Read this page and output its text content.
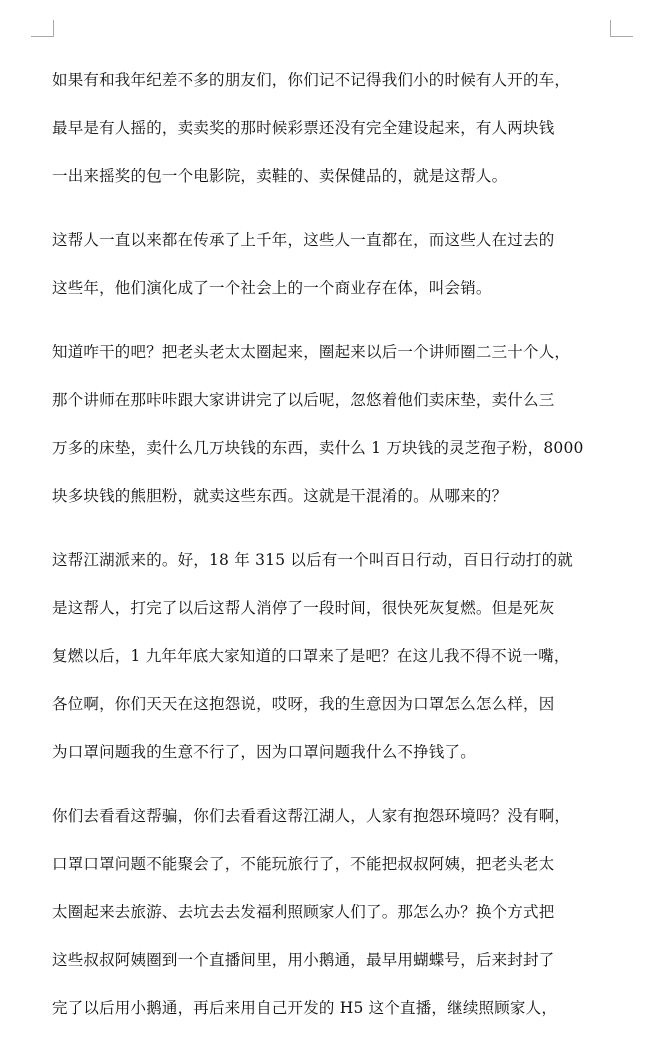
如果有和我年纪差不多的朋友们，你们记不记得我们小的时候有人开的车，
最早是有人摇的，卖卖奖的那时候彩票还没有完全建设起来，有人两块钱
一出来摇奖的包一个电影院，卖鞋的、卖保健品的，就是这帮人。
这帮人一直以来都在传承了上千年，这些人一直都在，而这些人在过去的
这些年，他们演化成了一个社会上的一个商业存在体，叫会销。
知道咋干的吧？把老头老太太圈起来，圈起来以后一个讲师圈二三十个人，
那个讲师在那咔咔跟大家讲讲完了以后呢，忽悠着他们卖床垫，卖什么三
万多的床垫，卖什么几万块钱的东西，卖什么 1 万块钱的灵芝孢子粉，8000
块多块钱的熊胆粉，就卖这些东西。这就是干混淆的。从哪来的？
这帮江湖派来的。好，18 年 315 以后有一个叫百日行动，百日行动打的就
是这帮人，打完了以后这帮人消停了一段时间，很快死灰复燃。但是死灰
复燃以后，1 九年年底大家知道的口罩来了是吧？在这儿我不得不说一嘴，
各位啊，你们天天在这抱怨说，哎呀，我的生意因为口罩怎么怎么样，因
为口罩问题我的生意不行了，因为口罩问题我什么不挣钱了。
你们去看看这帮骗，你们去看看这帮江湖人，人家有抱怨环境吗？没有啊，
口罩口罩问题不能聚会了，不能玩旅行了，不能把叔叔阿姨，把老头老太
太圈起来去旅游、去坑去去发福利照顾家人们了。那怎么办？换个方式把
这些叔叔阿姨圈到一个直播间里，用小鹅通，最早用蝴蝶号，后来封封了
完了以后用小鹅通，再后来用自己开发的 H5 这个直播，继续照顾家人，
